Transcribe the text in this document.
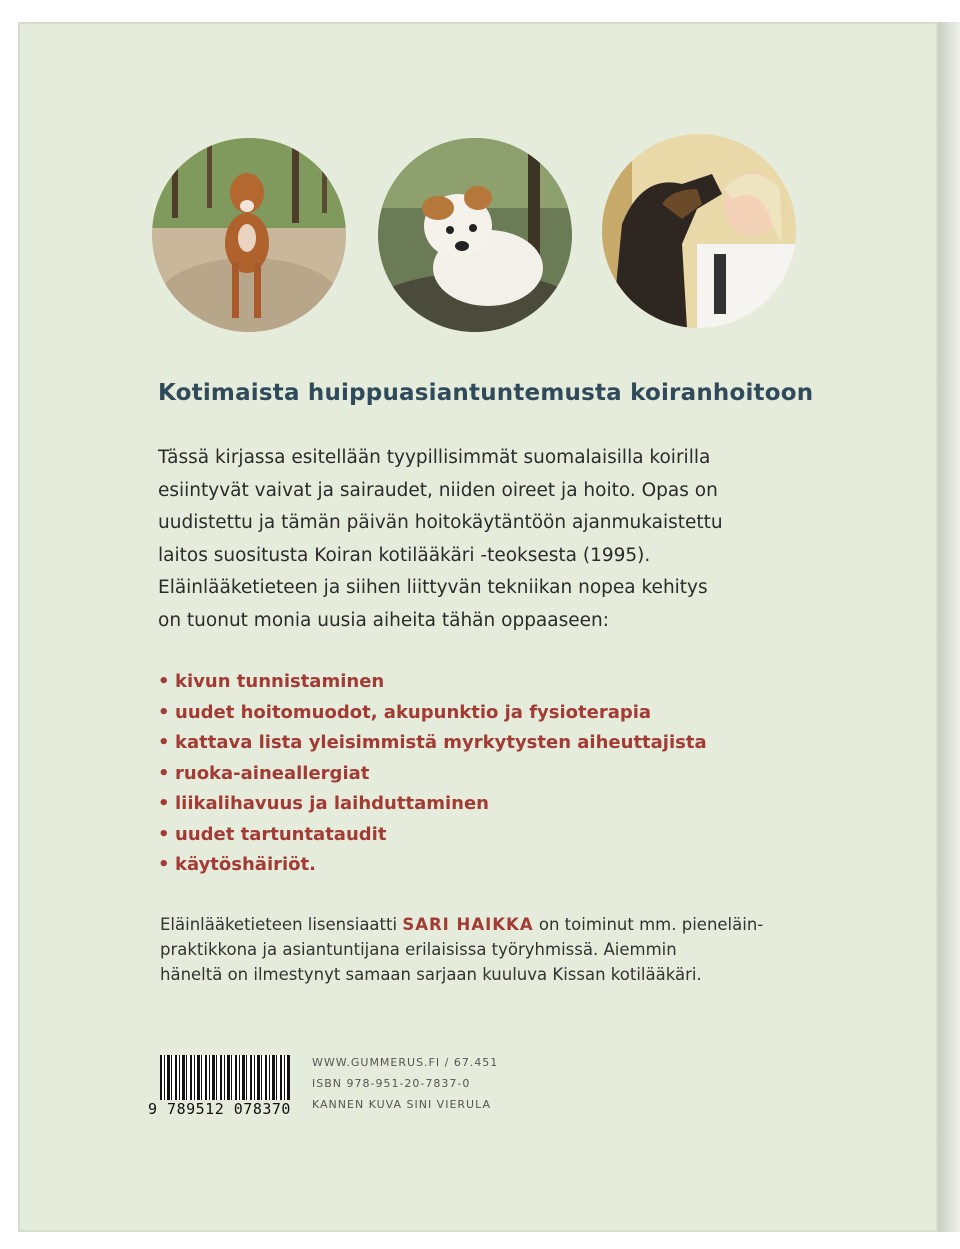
Kotimaista huippuasiantuntemusta koiranhoitoon
Tässä kirjassa esitellään tyypillisimmät suomalaisilla koirilla
esiintyvät vaivat ja sairaudet, niiden oireet ja hoito. Opas on
uudistettu ja tämän päivän hoitokäytäntöön ajanmukaistettu
laitos suositusta Koiran kotilääkäri -teoksesta (1995).
Eläinlääketieteen ja siihen liittyvän tekniikan nopea kehitys
on tuonut monia uusia aiheita tähän oppaaseen:
• kivun tunnistaminen
• uudet hoitomuodot, akupunktio ja fysioterapia
• kattava lista yleisimmistä myrkytysten aiheuttajista
• ruoka-aineallergiat
• liikalihavuus ja laihduttaminen
• uudet tartuntataudit
• käytöshäiriöt.
Eläinlääketieteen lisensiaatti SARI HAIKKA on toiminut mm. pieneläin-
praktikkona ja asiantuntijana erilaisissa työryhmissä. Aiemmin
häneltä on ilmestynyt samaan sarjaan kuuluva Kissan kotilääkäri.
9 789512 078370
WWW.GUMMERUS.FI / 67.451
ISBN 978-951-20-7837-0
KANNEN KUVA SINI VIERULA
